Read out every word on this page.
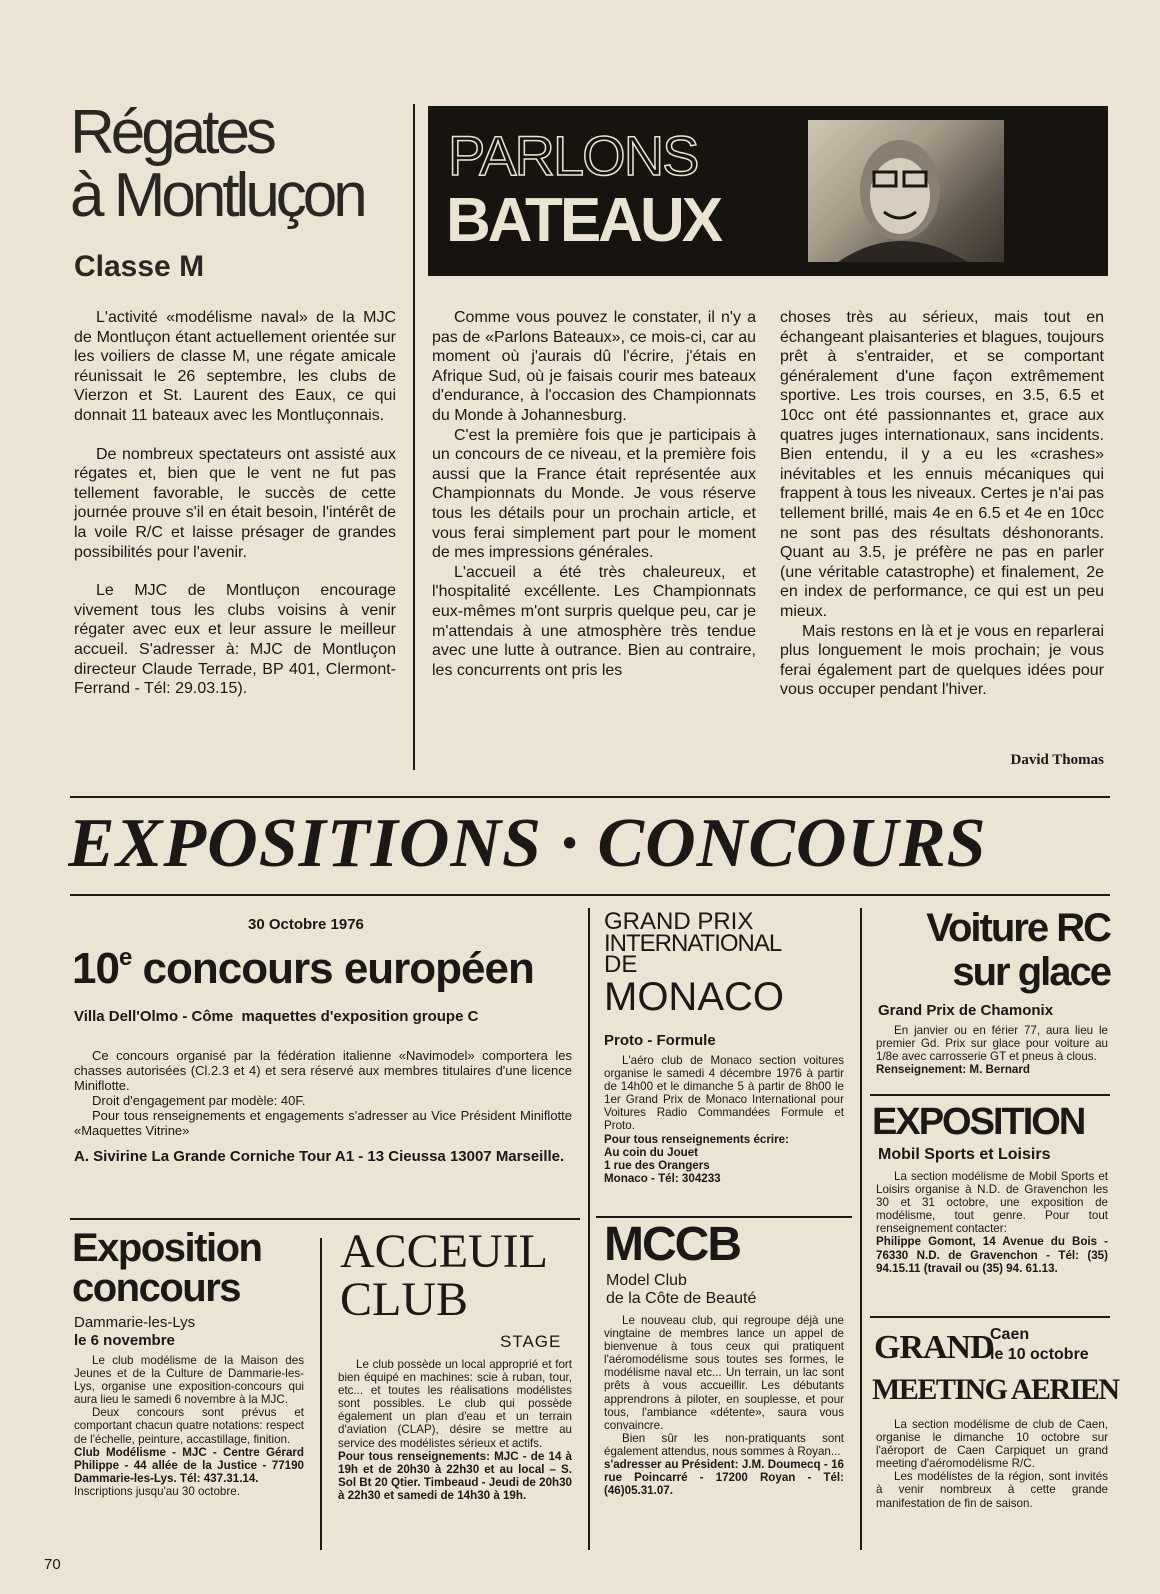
Régates
à Montluçon
Classe M

L'activité «modélisme naval» de la MJC de Montluçon étant actuellement orientée sur les voiliers de classe M, une régate amicale réunissait le 26 septembre, les clubs de Vierzon et St. Laurent des Eaux, ce qui donnait 11 bateaux avec les Montluçonnais.

De nombreux spectateurs ont assisté aux régates et, bien que le vent ne fut pas tellement favorable, le succès de cette journée prouve s'il en était besoin, l'intérêt de la voile R/C et laisse présager de grandes possibilités pour l'avenir.

Le MJC de Montluçon encourage vivement tous les clubs voisins à venir régater avec eux et leur assure le meilleur accueil. S'adresser à: MJC de Montluçon directeur Claude Terrade, BP 401, Clermont-Ferrand - Tél: 29.03.15).

PARLONS
BATEAUX

Comme vous pouvez le constater, il n'y a pas de «Parlons Bateaux», ce mois-ci, car au moment où j'aurais dû l'écrire, j'étais en Afrique Sud, où je faisais courir mes bateaux d'endurance, à l'occasion des Championnats du Monde à Johannesburg.

C'est la première fois que je participais à un concours de ce niveau, et la première fois aussi que la France était représentée aux Championnats du Monde. Je vous réserve tous les détails pour un prochain article, et vous ferai simplement part pour le moment de mes impressions générales.

L'accueil a été très chaleureux, et l'hospitalité excéllente. Les Championnats eux-mêmes m'ont surpris quelque peu, car je m'attendais à une atmosphère très tendue avec une lutte à outrance. Bien au contraire, les concurrents ont pris les

choses très au sérieux, mais tout en échangeant plaisanteries et blagues, toujours prêt à s'entraider, et se comportant généralement d'une façon extrêmement sportive. Les trois courses, en 3.5, 6.5 et 10cc ont été passionnantes et, grace aux quatres juges internationaux, sans incidents. Bien entendu, il y a eu les «crashes» inévitables et les ennuis mécaniques qui frappent à tous les niveaux. Certes je n'ai pas tellement brillé, mais 4e en 6.5 et 4e en 10cc ne sont pas des résultats déshonorants. Quant au 3.5, je préfère ne pas en parler (une véritable catastrophe) et finalement, 2e en index de performance, ce qui est un peu mieux.

Mais restons en là et je vous en reparlerai plus longuement le mois prochain; je vous ferai également part de quelques idées pour vous occuper pendant l'hiver.

David Thomas
EXPOSITIONS · CONCOURS
30 Octobre 1976
10e concours européen
Villa Dell'Olmo - Côme  maquettes d'exposition groupe C

Ce concours organisé par la fédération italienne «Navimodel» comportera les chasses autorisées (Cl.2.3 et 4) et sera réservé aux membres titulaires d'une licence Miniflotte.

Droit d'engagement par modèle: 40F.

Pour tous renseignements et engagements s'adresser au Vice Président Miniflotte «Maquettes Vitrine»

A. Sivirine La Grande Corniche Tour A1 - 13 Cieussa 13007 Marseille.
Exposition
concours
Dammarie-les-Lys
le 6 novembre

Le club modélisme de la Maison des Jeunes et de la Culture de Dammarie-les-Lys, organise une exposition-concours qui aura lieu le samedi 6 novembre à la MJC.

Deux concours sont prévus et comportant chacun quatre notations: respect de l'échelle, peinture, accastillage, finition.

Club Modélisme - MJC - Centre Gérard Philippe - 44 allée de la Justice - 77190 Dammarie-les-Lys. Tél: 437.31.14.
Inscriptions jusqu'au 30 octobre.
70
ACCEUIL
CLUB
STAGE

Le club possède un local approprié et fort bien équipé en machines: scie à ruban, tour, etc... et toutes les réalisations modélistes sont possibles. Le club qui possède également un plan d'eau et un terrain d'aviation (CLAP), désire se mettre au service des modélistes sérieux et actifs.

Pour tous renseignements: MJC - de 14 à 19h et de 20h30 à 22h30 et au local – S. Sol Bt 20 Qtier. Timbeaud - Jeudi de 20h30 à 22h30 et samedi de 14h30 à 19h.
GRAND PRIX
INTERNATIONAL
DE
MONACO
Proto - Formule

L'aéro club de Monaco section voitures organise le samedi 4 décembre 1976 à partir de 14h00 et le dimanche 5 à partir de 8h00 le 1er Grand Prix de Monaco International pour Voitures Radio Commandées Formule et Proto.

Pour tous renseignements écrire:
Au coin du Jouet
1 rue des Orangers
Monaco - Tél: 304233
MCCB
Model Club
de la Côte de Beauté

Le nouveau club, qui regroupe déjà une vingtaine de membres lance un appel de bienvenue à tous ceux qui pratiquent l'aéromodélisme sous toutes ses formes, le modélisme naval etc... Un terrain, un lac sont prêts à vous accueillir. Les débutants apprendrons à piloter, en souplesse, et pour tous, l'ambiance «détente», saura vous convaincre.

Bien sûr les non-pratiquants sont également attendus, nous sommes à Royan...

s'adresser au Président: J.M. Doumecq - 16 rue Poincarré - 17200 Royan - Tél: (46)05.31.07.
Voiture RC
sur glace
Grand Prix de Chamonix

En janvier ou en férier 77, aura lieu le premier Gd. Prix sur glace pour voiture au 1/8e avec carrosserie GT et pneus à clous.

Renseignement: M. Bernard
EXPOSITION
Mobil Sports et Loisirs

La section modélisme de Mobil Sports et Loisirs organise à N.D. de Gravenchon les 30 et 31 octobre, une exposition de modélisme, tout genre. Pour tout renseignement contacter:

Philippe Gomont, 14 Avenue du Bois - 76330 N.D. de Gravenchon - Tél: (35) 94.15.11 (travail ou (35) 94. 61.13.
GRAND
Caen
le 10 octobre
MEETING AERIEN

La section modélisme de club de Caen, organise le dimanche 10 octobre sur l'aéroport de Caen Carpiquet un grand meeting d'aéromodélisme R/C.

Les modélistes de la région, sont invités à venir nombreux à cette grande manifestation de fin de saison.
